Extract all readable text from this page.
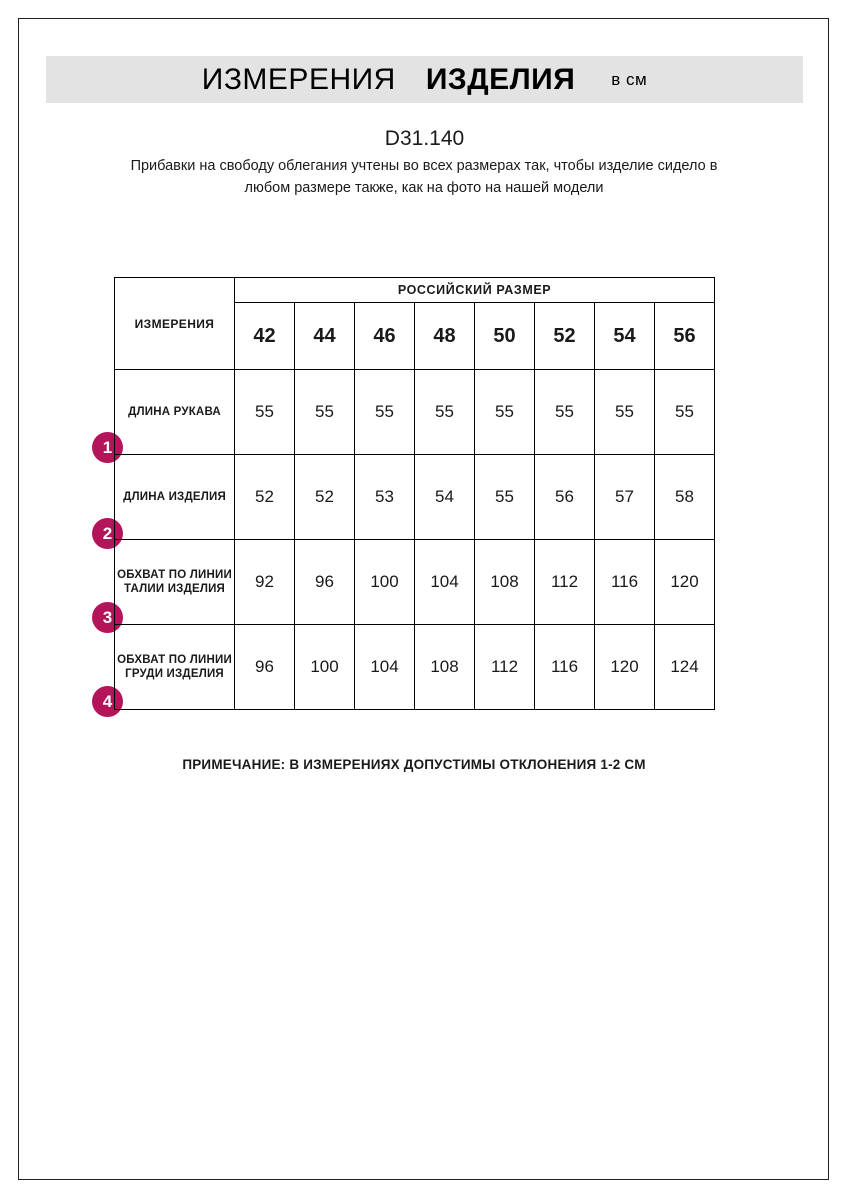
ИЗМЕРЕНИЯ ИЗДЕЛИЯ	в см
D31.140
Прибавки на свободу облегания учтены во всех размерах так, чтобы изделие сидело в любом размере также, как на фото на нашей модели
1
2
3
4
ИЗМЕРЕНИЯ	РОССИЙСКИЙ РАЗМЕР							
	42	44	46	48	50	52	54	56
ДЛИНА РУКАВА	55	55	55	55	55	55	55	55
ДЛИНА ИЗДЕЛИЯ	52	52	53	54	55	56	57	58
ОБХВАТ ПО ЛИНИИ ТАЛИИ ИЗДЕЛИЯ	92	96	100	104	108	112	116	120
ОБХВАТ ПО ЛИНИИ ГРУДИ ИЗДЕЛИЯ	96	100	104	108	112	116	120	124
ПРИМЕЧАНИЕ: В ИЗМЕРЕНИЯХ ДОПУСТИМЫ ОТКЛОНЕНИЯ 1-2 СМ
